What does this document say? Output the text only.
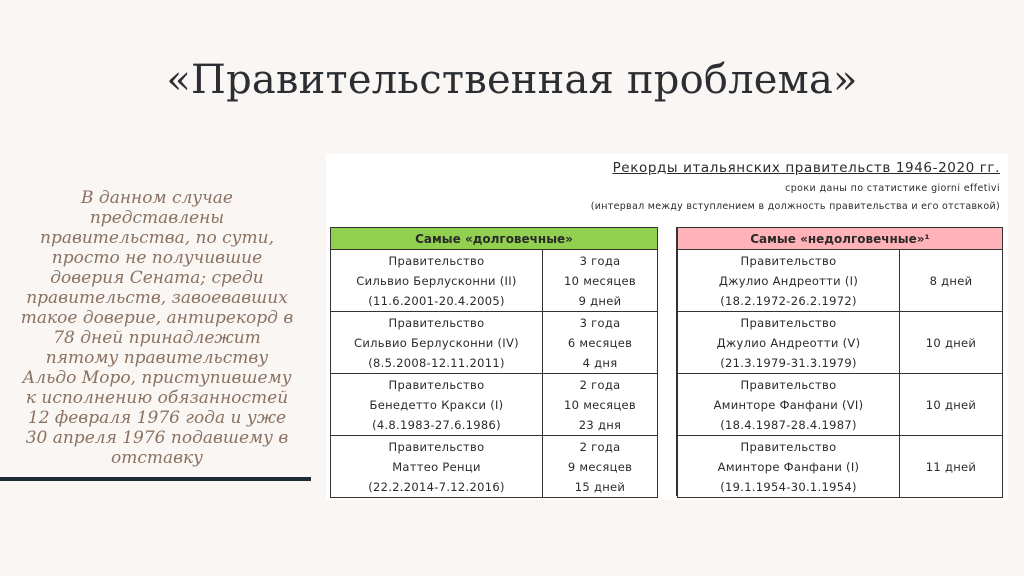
«Правительственная проблема»
В данном случае представлены правительства, по сути, просто не получившие доверия Сената; среди правительств, завоевавших такое доверие, антирекорд в 78 дней принадлежит пятому правительству Альдо Моро, приступившему к исполнению обязанностей 12 февраля 1976 года и уже 30 апреля 1976 подавшему в отставку
Рекорды итальянских правительств 1946-2020 гг.
сроки даны по статистике giorni effetivi
(интервал между вступлением в должность правительства и его отставкой)
Самые «долговечные»	

Правительство
Сильвио Берлусконни (II)
(11.6.2001-20.4.2005)	3 года
10 месяцев
9 дней

Правительство
Сильвио Берлусконни (IV)
(8.5.2008-12.11.2011)	3 года
6 месяцев
4 дня

Правительство
Бенедетто Кракси (I)
(4.8.1983-27.6.1986)	2 года
10 месяцев
23 дня

Правительство
Маттео Ренци
(22.2.2014-7.12.2016)	2 года
9 месяцев
15 дней
Самые «недолговечные»¹	

Правительство
Джулио Андреотти (I)
(18.2.1972-26.2.1972)	8 дней

Правительство
Джулио Андреотти (V)
(21.3.1979-31.3.1979)	10 дней

Правительство
Аминторе Фанфани (VI)
(18.4.1987-28.4.1987)	10 дней

Правительство
Аминторе Фанфани (I)
(19.1.1954-30.1.1954)	11 дней
